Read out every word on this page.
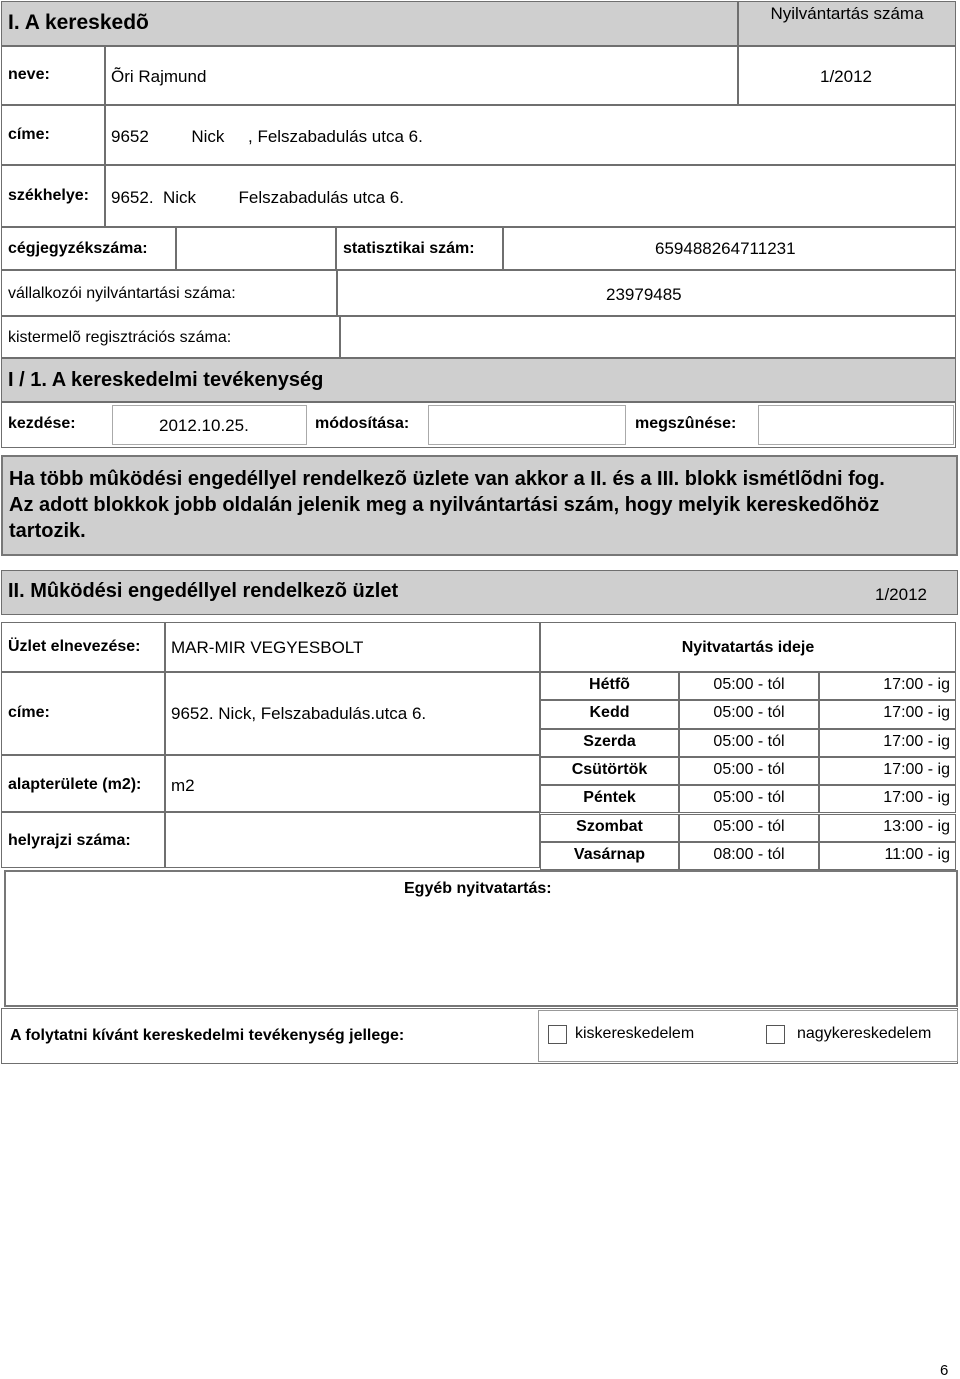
I. A kereskedõ	Nyilvántartás száma
neve:	Õri Rajmund	1/2012
címe:	9652         Nick     , Felszabadulás utca 6.
székhelye: 9652.  Nick         Felszabadulás utca 6.
cégjegyzékszáma:	statisztikai szám:	659488264711231
vállalkozói nyilvántartási száma:	23979485
kistermelõ regisztrációs száma:
I / 1. A kereskedelmi tevékenység
kezdése:	2012.10.25.	módosítása:	megszûnése:
Ha több mûködési engedéllyel rendelkezõ üzlete van akkor a II. és a III. blokk ismétlõdni fog. Az adott blokkok jobb oldalán jelenik meg a nyilvántartási szám, hogy melyik kereskedõhöz tartozik.
II. Mûködési engedéllyel rendelkezõ üzlet	1/2012
Üzlet elnevezése: MAR-MIR VEGYESBOLT	Nyitvatartás ideje
címe:	9652. Nick, Felszabadulás.utca 6.
alapterülete (m2): m2
helyrajzi száma:
Hétfõ	05:00 - tól	17:00 - ig
Kedd	05:00 - tól	17:00 - ig
Szerda	05:00 - tól	17:00 - ig
Csütörtök	05:00 - tól	17:00 - ig
Péntek	05:00 - tól	17:00 - ig
Szombat	05:00 - tól	13:00 - ig
Vasárnap	08:00 - tól	11:00 - ig
Egyéb nyitvatartás:
A folytatni kívánt kereskedelmi tevékenység jellege:	kiskereskedelem	nagykereskedelem
6
